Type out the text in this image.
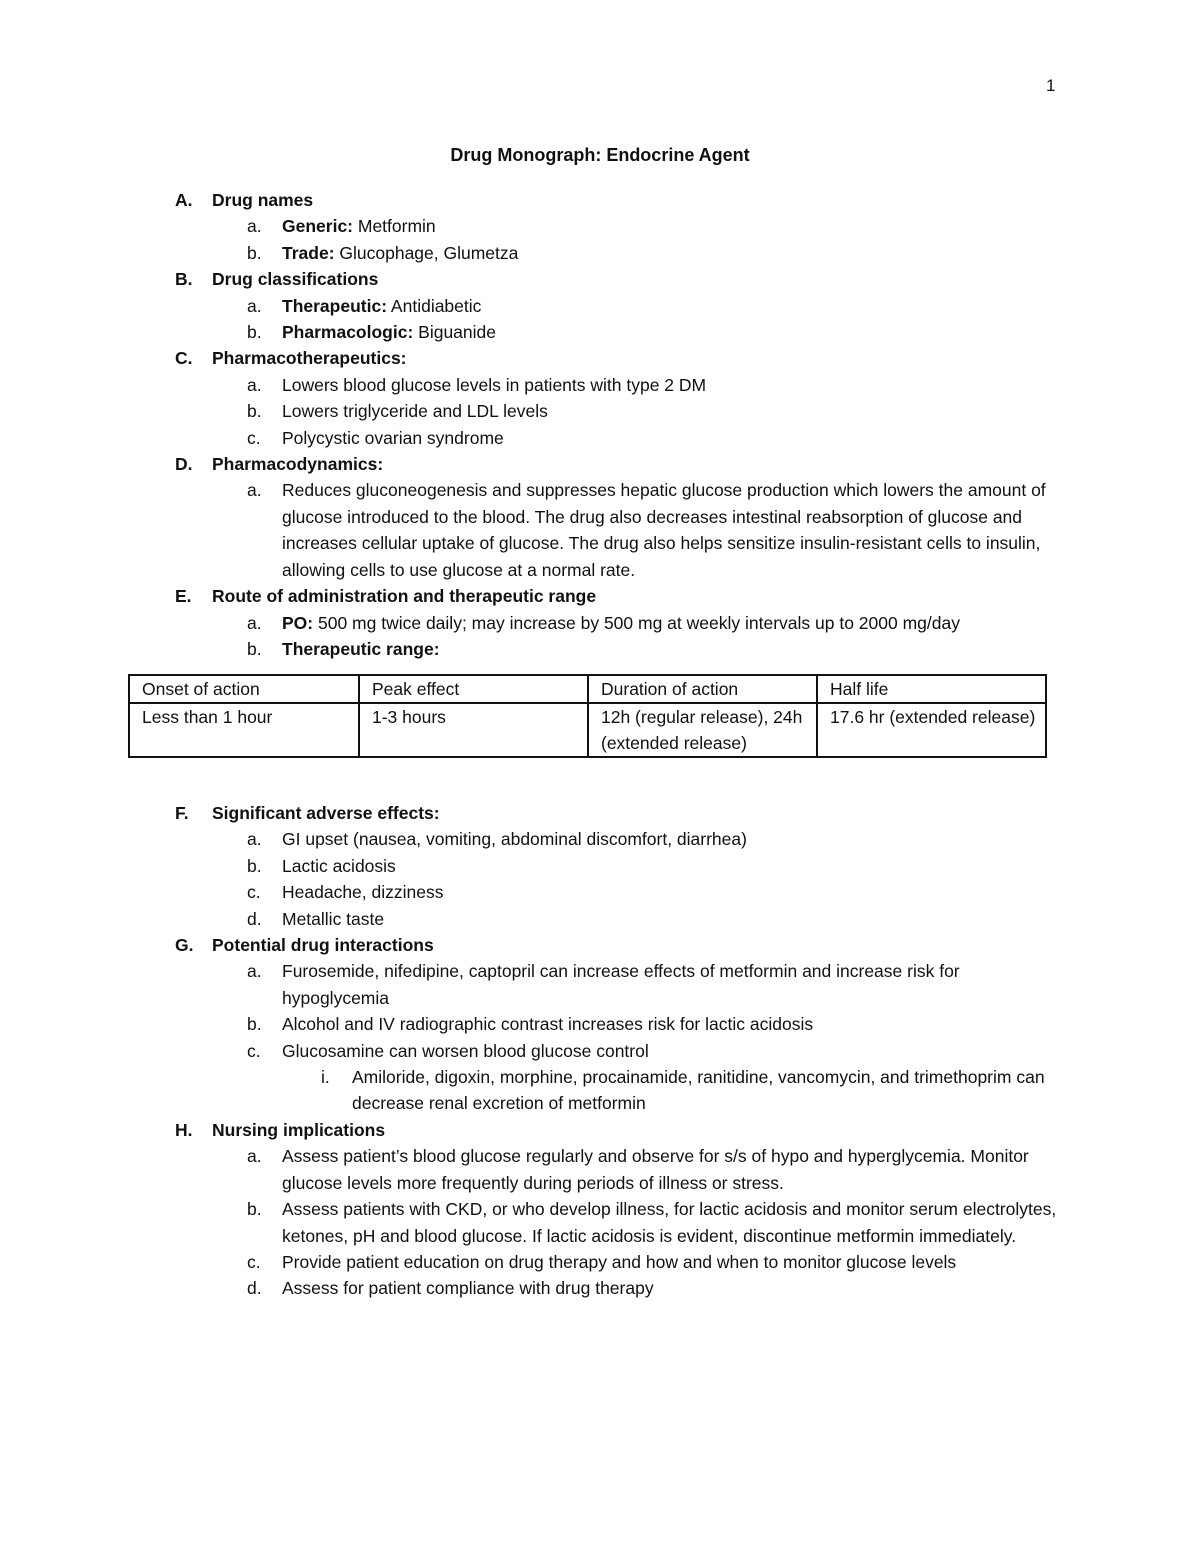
1
Drug Monograph: Endocrine Agent
A.	Drug names
a.	Generic: Metformin
b.	Trade: Glucophage, Glumetza
B.	Drug classifications
a.	Therapeutic: Antidiabetic
b.	Pharmacologic: Biguanide
C.	Pharmacotherapeutics:
a.	Lowers blood glucose levels in patients with type 2 DM
b.	Lowers triglyceride and LDL levels
c.	Polycystic ovarian syndrome
D.	Pharmacodynamics:
a.	Reduces gluconeogenesis and suppresses hepatic glucose production which lowers the amount of glucose introduced to the blood. The drug also decreases intestinal reabsorption of glucose and increases cellular uptake of glucose. The drug also helps sensitize insulin-resistant cells to insulin, allowing cells to use glucose at a normal rate.
E.	Route of administration and therapeutic range
a.	PO: 500 mg twice daily; may increase by 500 mg at weekly intervals up to 2000 mg/day
b.	Therapeutic range:
Onset of action	Peak effect	Duration of action	Half life
Less than 1 hour	1-3 hours	12h (regular release), 24h (extended release)	17.6 hr (extended release)
F.	Significant adverse effects:
a.	GI upset (nausea, vomiting, abdominal discomfort, diarrhea)
b.	Lactic acidosis
c.	Headache, dizziness
d.	Metallic taste
G.	Potential drug interactions
a.	Furosemide, nifedipine, captopril can increase effects of metformin and increase risk for hypoglycemia
b.	Alcohol and IV radiographic contrast increases risk for lactic acidosis
c.	Glucosamine can worsen blood glucose control
i.	Amiloride, digoxin, morphine, procainamide, ranitidine, vancomycin, and trimethoprim can decrease renal excretion of metformin
H.	Nursing implications
a.	Assess patient’s blood glucose regularly and observe for s/s of hypo and hyperglycemia. Monitor glucose levels more frequently during periods of illness or stress.
b.	Assess patients with CKD, or who develop illness, for lactic acidosis and monitor serum electrolytes, ketones, pH and blood glucose. If lactic acidosis is evident, discontinue metformin immediately.
c.	Provide patient education on drug therapy and how and when to monitor glucose levels
d.	Assess for patient compliance with drug therapy
